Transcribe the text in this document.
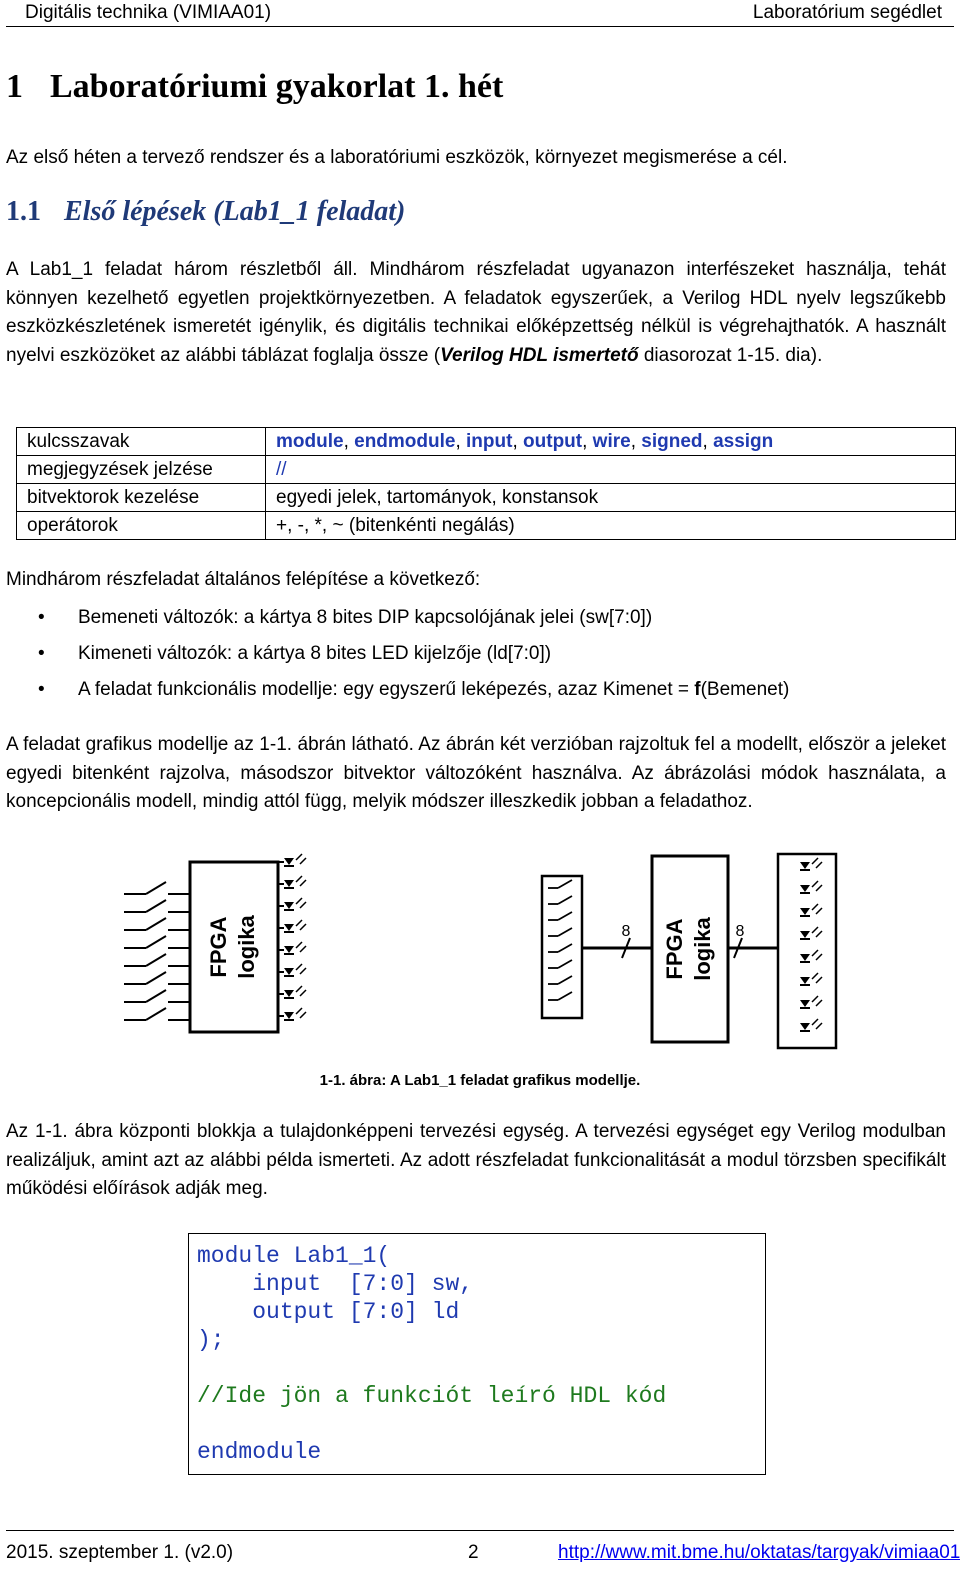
Digitális technika (VIMIAA01)	Laboratórium segédlet
1 Laboratóriumi gyakorlat 1. hét
Az első héten a tervező rendszer és a laboratóriumi eszközök, környezet megismerése a cél.
1.1 Első lépések (Lab1_1 feladat)
A Lab1_1 feladat három részletből áll. Mindhárom részfeladat ugyanazon interfészeket használja, tehát könnyen kezelhető egyetlen projektkörnyezetben. A feladatok egyszerűek, a Verilog HDL nyelv legszűkebb eszközkészletének ismeretét igénylik, és digitális technikai előképzettség nélkül is végrehajthatók. A használt nyelvi eszközöket az alábbi táblázat foglalja össze (Verilog HDL ismertető diasorozat 1-15. dia).
kulcsszavak	module, endmodule, input, output, wire, signed, assign
megjegyzések jelzése	//
bitvektorok kezelése	egyedi jelek, tartományok, konstansok
operátorok	+, -, *, ~ (bitenkénti negálás)
Mindhárom részfeladat általános felépítése a következő:
• Bemeneti változók: a kártya 8 bites DIP kapcsolójának jelei (sw[7:0])
• Kimeneti változók: a kártya 8 bites LED kijelzője (ld[7:0])
• A feladat funkcionális modellje: egy egyszerű leképezés, azaz Kimenet = f(Bemenet)
A feladat grafikus modellje az 1-1. ábrán látható. Az ábrán két verzióban rajzoltuk fel a modellt, először a jeleket egyedi bitenként rajzolva, másodszor bitvektor változóként használva. Az ábrázolási módok használata, a koncepcionális modell, mindig attól függ, melyik módszer illeszkedik jobban a feladathoz.
FPGA logika	8 FPGA logika 8
1-1. ábra: A Lab1_1 feladat grafikus modellje.
Az 1-1. ábra központi blokkja a tulajdonképpeni tervezési egység. A tervezési egységet egy Verilog modulban realizáljuk, amint azt az alábbi példa ismerteti. Az adott részfeladat funkcionalitását a modul törzsben specifikált működési előírások adják meg.
module Lab1_1(
input  [7:0] sw,
output [7:0] ld
);

//Ide jön a funkciót leíró HDL kód

endmodule
2015. szeptember 1. (v2.0)	2	http://www.mit.bme.hu/oktatas/targyak/vimiaa01
